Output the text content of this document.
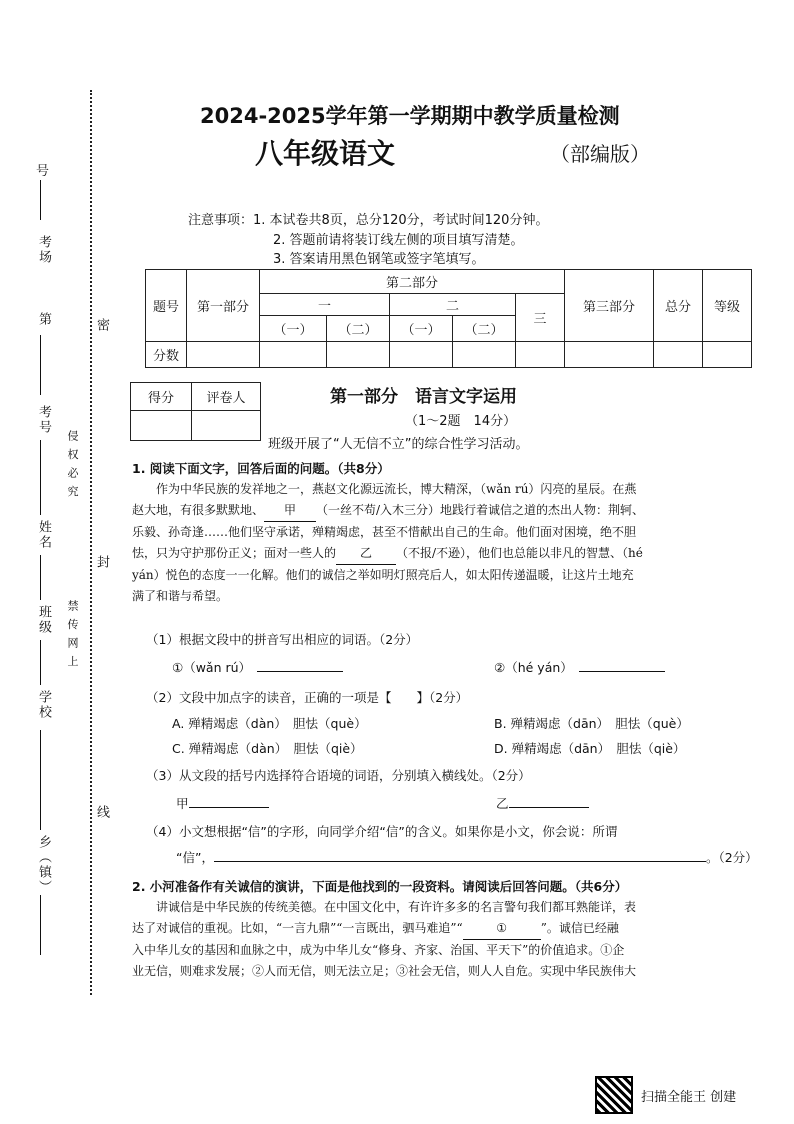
号
考场
第
考号
姓名
班级
学校
乡（镇）
密
封
线
侵 权 必 究
禁 传 网 上
2024-2025学年第一学期期中教学质量检测
八年级语文	（部编版）
注意事项：1. 本试卷共8页，总分120分，考试时间120分钟。
2. 答题前请将装订线左侧的项目填写清楚。
3. 答案请用黑色钢笔或签字笔填写。
题号	第一部分	第二部分					第三部分	总分	等级
		一		二		三			
		（一）	（二）	（一）	（二）				
分数									
得分	评卷人
		第一部分　语言文字运用
（1～2题　14分）
班级开展了“人无信不立”的综合性学习活动。
1. 阅读下面文字，回答后面的问题。（共8分）
作为中华民族的发祥地之一，燕赵文化源远流长，博大精深，（wǎn rú）闪亮的星辰。在燕
赵大地，有很多默默地、 甲 （一丝不苟/入木三分）地践行着诚信之道的杰出人物：荆轲、
乐毅、孙奇逢……他们坚守承诺，殚精竭虑，甚至不惜献出自己的生命。他们面对困境，绝不胆
怯，只为守护那份正义；面对一些人的 乙 （不报/不逊），他们也总能以非凡的智慧、（hé
yán）悦色的态度一一化解。他们的诚信之举如明灯照亮后人，如太阳传递温暖，让这片土地充
满了和谐与希望。
（1）根据文段中的拼音写出相应的词语。（2分）
①（wǎn rú）	②（hé yán）
（2）文段中加点字的读音，正确的一项是【　　】（2分）
A. 殚精竭虑（dàn）　胆怯（què）	B. 殚精竭虑（dān）　胆怯（què）
C. 殚精竭虑（dàn）　胆怯（qiè）	D. 殚精竭虑（dān）　胆怯（qiè）
（3）从文段的括号内选择符合语境的词语，分别填入横线处。（2分）
甲	乙
（4）小文想根据“信”的字形，向同学介绍“信”的含义。如果你是小文，你会说：所谓
“信”，	。（2分）
2. 小河准备作有关诚信的演讲，下面是他找到的一段资料。请阅读后回答问题。（共6分）
讲诚信是中华民族的传统美德。在中国文化中，有许许多多的名言警句我们都耳熟能详，表
达了对诚信的重视。比如，“一言九鼎”“一言既出，驷马难追”“	①	”。诚信已经融
入中华儿女的基因和血脉之中，成为中华儿女“修身、齐家、治国、平天下”的价值追求。①企
业无信，则难求发展；②人而无信，则无法立足；③社会无信，则人人自危。实现中华民族伟大
扫描全能王 创建
